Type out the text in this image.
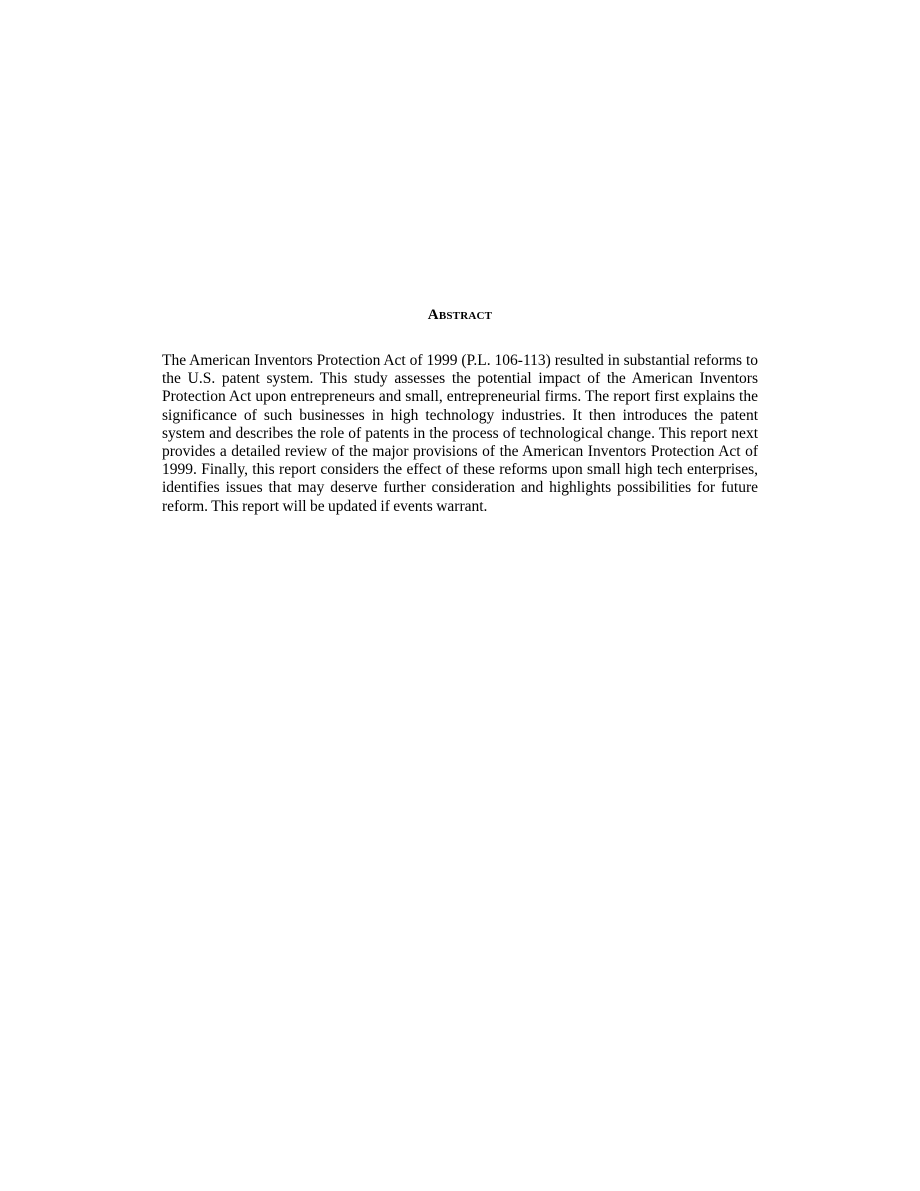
Abstract

The American Inventors Protection Act of 1999 (P.L. 106-113) resulted in substantial reforms to the U.S. patent system. This study assesses the potential impact of the American Inventors Protection Act upon entrepreneurs and small, entrepreneurial firms. The report first explains the significance of such businesses in high technology industries. It then introduces the patent system and describes the role of patents in the process of technological change. This report next provides a detailed review of the major provisions of the American Inventors Protection Act of 1999. Finally, this report considers the effect of these reforms upon small high tech enterprises, identifies issues that may deserve further consideration and highlights possibilities for future reform. This report will be updated if events warrant.
